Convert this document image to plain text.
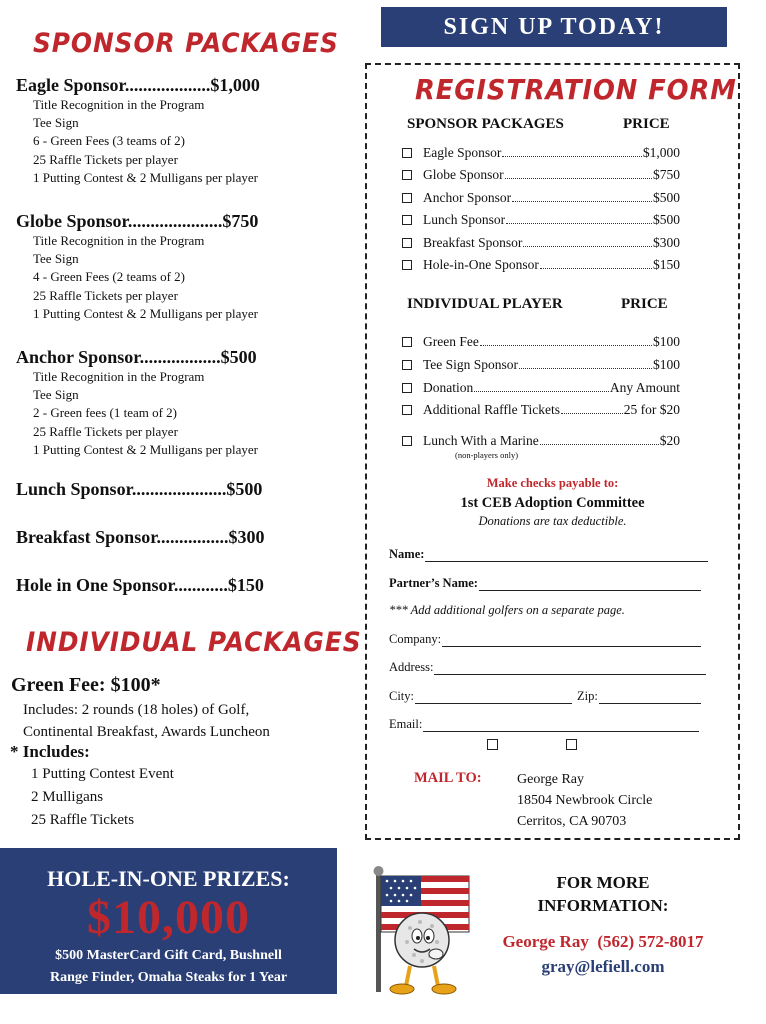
SPONSOR PACKAGES
Eagle Sponsor...................$1,000
Title Recognition in the Program
Tee Sign
6 - Green Fees (3 teams of 2)
25 Raffle Tickets per player
1 Putting Contest & 2 Mulligans per player
Globe Sponsor.....................$750
Title Recognition in the Program
Tee Sign
4 - Green Fees (2 teams of 2)
25 Raffle Tickets per player
1 Putting Contest & 2 Mulligans per player
Anchor Sponsor..................$500
Title Recognition in the Program
Tee Sign
2 - Green fees (1 team of 2)
25 Raffle Tickets per player
1 Putting Contest & 2 Mulligans per player
Lunch Sponsor.....................$500
Breakfast Sponsor................$300
Hole in One Sponsor............$150
INDIVIDUAL PACKAGES
Green Fee: $100*
Includes: 2 rounds (18 holes) of Golf,
Continental Breakfast, Awards Luncheon
* Includes:
1 Putting Contest Event
2 Mulligans
25 Raffle Tickets
HOLE-IN-ONE PRIZES:
$10,000
$500 MasterCard Gift Card, Bushnell
Range Finder, Omaha Steaks for 1 Year
SIGN UP TODAY!
REGISTRATION FORM
SPONSOR PACKAGES	PRICE
Eagle Sponsor	$1,000
Globe Sponsor	$750
Anchor Sponsor	$500
Lunch Sponsor	$500
Breakfast Sponsor	$300
Hole-in-One Sponsor	$150
INDIVIDUAL PLAYER	PRICE
Green Fee	$100
Tee Sign Sponsor	$100
Donation	Any Amount
Additional Raffle Tickets	25 for $20
Lunch With a Marine	$20
(non-players only)
Make checks payable to:
1st CEB Adoption Committee
Donations are tax deductible.
Name:
Partner’s Name:
*** Add additional golfers on a separate page.
Company:
Address:
City:	Zip:
Email:
MAIL TO:	George Ray
18504 Newbrook Circle
Cerritos, CA 90703
FOR MORE
INFORMATION:
George Ray  (562) 572-8017
gray@lefiell.com
